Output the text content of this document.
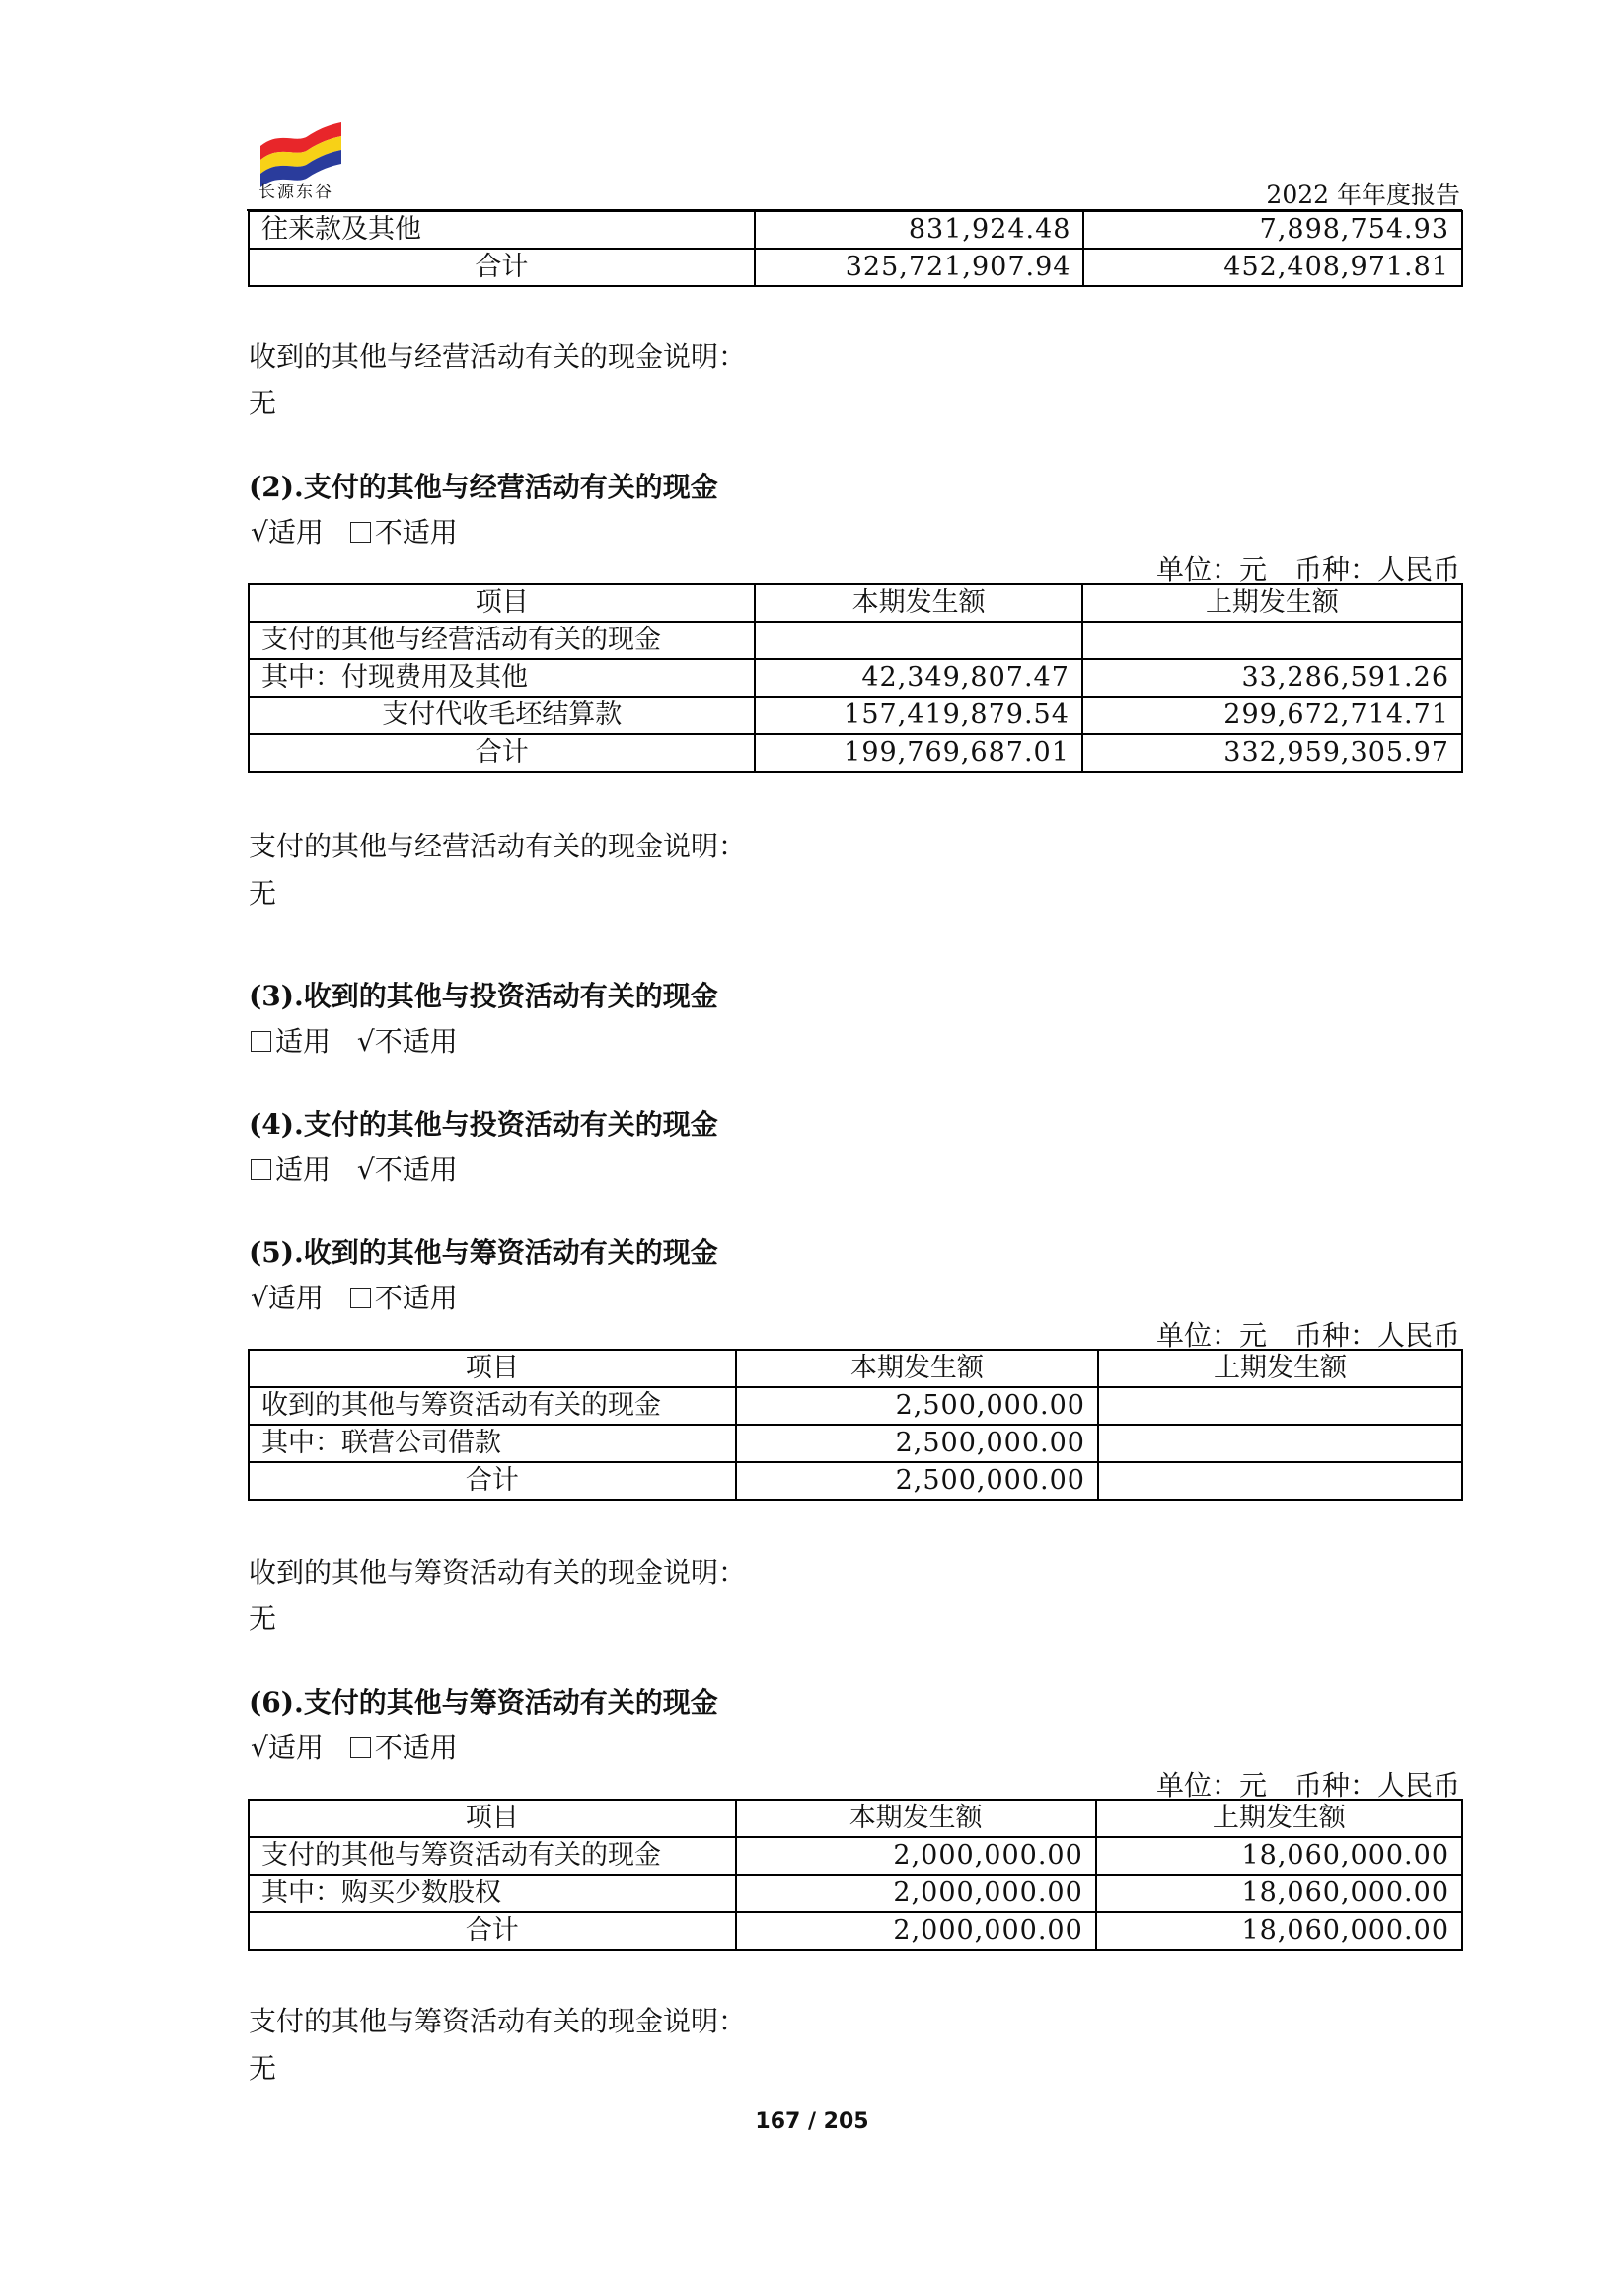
长源东谷	2022 年年度报告
往来款及其他	831,924.48	7,898,754.93
合计	325,721,907.94	452,408,971.81
收到的其他与经营活动有关的现金说明：
无
(2).支付的其他与经营活动有关的现金
√适用 不适用
单位：元　币种：人民币
项目	本期发生额	上期发生额
支付的其他与经营活动有关的现金		
其中：付现费用及其他	42,349,807.47	33,286,591.26
支付代收毛坯结算款	157,419,879.54	299,672,714.71
合计	199,769,687.01	332,959,305.97
支付的其他与经营活动有关的现金说明：
无
(3).收到的其他与投资活动有关的现金
适用 √不适用
(4).支付的其他与投资活动有关的现金
适用 √不适用
(5).收到的其他与筹资活动有关的现金
√适用 不适用
单位：元　币种：人民币
项目	本期发生额	上期发生额
收到的其他与筹资活动有关的现金	2,500,000.00	
其中：联营公司借款	2,500,000.00	
合计	2,500,000.00	
收到的其他与筹资活动有关的现金说明：
无
(6).支付的其他与筹资活动有关的现金
√适用 不适用
单位：元　币种：人民币
项目	本期发生额	上期发生额
支付的其他与筹资活动有关的现金	2,000,000.00	18,060,000.00
其中：购买少数股权	2,000,000.00	18,060,000.00
合计	2,000,000.00	18,060,000.00
支付的其他与筹资活动有关的现金说明：
无
167 / 205
